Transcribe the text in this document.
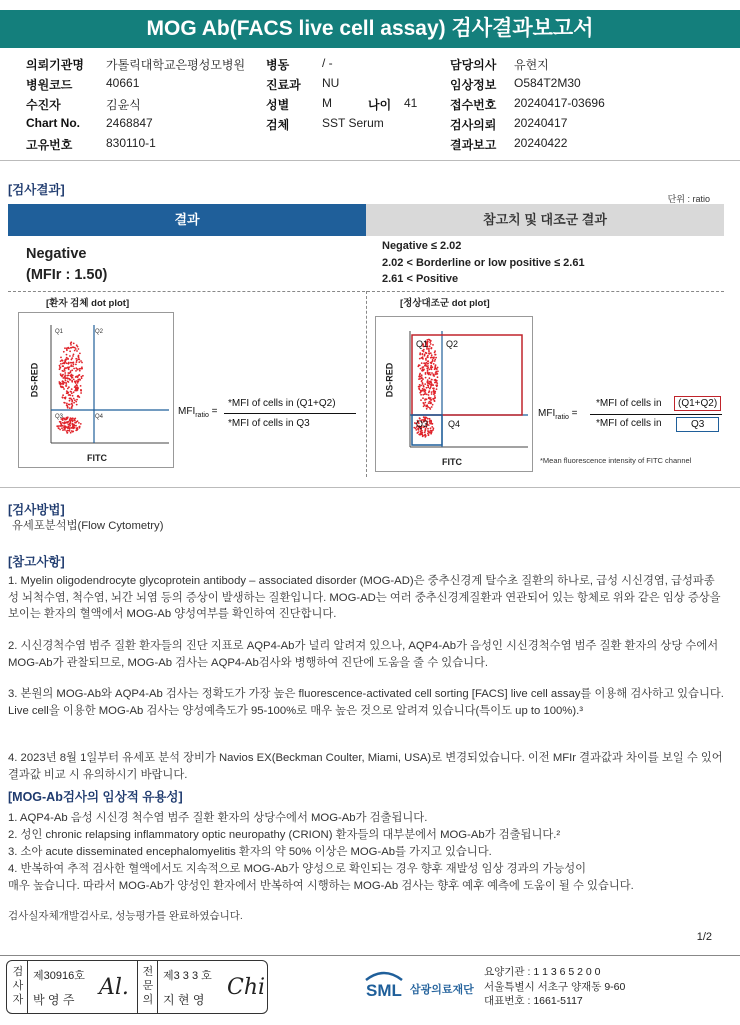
MOG Ab(FACS live cell assay) 검사결과보고서
의뢰기관명 가톨릭대학교은평성모병원 병동	/ -	담당의사 유현지
병원코드	40661	진료과 NU	임상정보 O584T2M30
수진자	김윤식	성별	M	나이 41	접수번호 20240417-03696
Chart No. 2468847	검체	SST Serum	검사의뢰 20240417
고유번호	830110-1	결과보고 20240422
[검사결과]
단위 : ratio
결과	참고치 및 대조군 결과
Negative
(MFIr : 1.50)
Negative ≤ 2.02
2.02 < Borderline or low positive ≤ 2.61
2.61 < Positive
[환자 검체 dot plot]	[정상대조군 dot plot]
Q1	Q2
Q3	Q4
DS-RED
FITC
$MFI_{ratio}$ =
*MFI of cells in (Q1+Q2)
*MFI of cells in Q3
Q1 Q2
Q3 Q4
DS-RED
FITC
$MFI_{ratio}$ =
*MFI of cells in	(Q1+Q2)
*MFI of cells in	Q3
*Mean fluorescence intensity of FITC channel
[검사방법]
유세포분석법(Flow Cytometry)
[참고사항]
1. Myelin oligodendrocyte glycoprotein antibody – associated disorder (MOG-AD)은 중추신경계 탈수초 질환의 하나로, 급성 시신경염, 급성파종성 뇌척수염, 척수염, 뇌간 뇌염 등의 증상이 발생하는 질환입니다. MOG-AD는 여러 중추신경계질환과 연관되어 있는 항체로 위와 같은 임상 증상을 보이는 환자의 혈액에서 MOG-Ab 양성여부를 확인하여 진단합니다.
2. 시신경척수염 범주 질환 환자들의 진단 지표로 AQP4-Ab가 널리 알려져 있으나, AQP4-Ab가 음성인 시신경척수염 범주 질환 환자의 상당 수에서 MOG-Ab가 관찰되므로, MOG-Ab 검사는 AQP4-Ab검사와 병행하여 진단에 도움을 줄 수 있습니다.
3. 본원의 MOG-Ab와 AQP4-Ab 검사는 정확도가 가장 높은 fluorescence-activated cell sorting [FACS] live cell assay를 이용해 검사하고 있습니다. Live cell을 이용한 MOG-Ab 검사는 양성예측도가 95-100%로 매우 높은 것으로 알려져 있습니다(특이도 up to 100%).³
4. 2023년 8월 1일부터 유세포 분석 장비가 Navios EX(Beckman Coulter, Miami, USA)로 변경되었습니다. 이전 MFIr 결과값과 차이를 보일 수 있어 결과값 비교 시 유의하시기 바랍니다.
[MOG-Ab검사의 임상적 유용성]
1. AQP4-Ab 음성 시신경 척수염 범주 질환 환자의 상당수에서 MOG-Ab가 검출됩니다.
2. 성인 chronic relapsing inflammatory optic neuropathy (CRION) 환자들의 대부분에서 MOG-Ab가 검출됩니다.²
3. 소아 acute disseminated encephalomyelitis 환자의 약 50% 이상은 MOG-Ab를 가지고 있습니다.
4. 반복하여 추적 검사한 혈액에서도 지속적으로 MOG-Ab가 양성으로 확인되는 경우 향후 재발성 임상 경과의 가능성이
매우 높습니다. 따라서 MOG-Ab가 양성인 환자에서 반복하여 시행하는 MOG-Ab 검사는 향후 예후 예측에 도움이 될 수 있습니다.
검사실자체개발검사로, 성능평가를 완료하였습니다.
1/2
검
사
자
제30916호
박 영 주 Al.
전
문
의
제3 3 3 호
지 현 영 Chi	SML 삼광의료재단
요양기관 : 1 1 3 6 5 2 0 0
서울특별시 서초구 양재동 9-60
대표번호 : 1661-5117
